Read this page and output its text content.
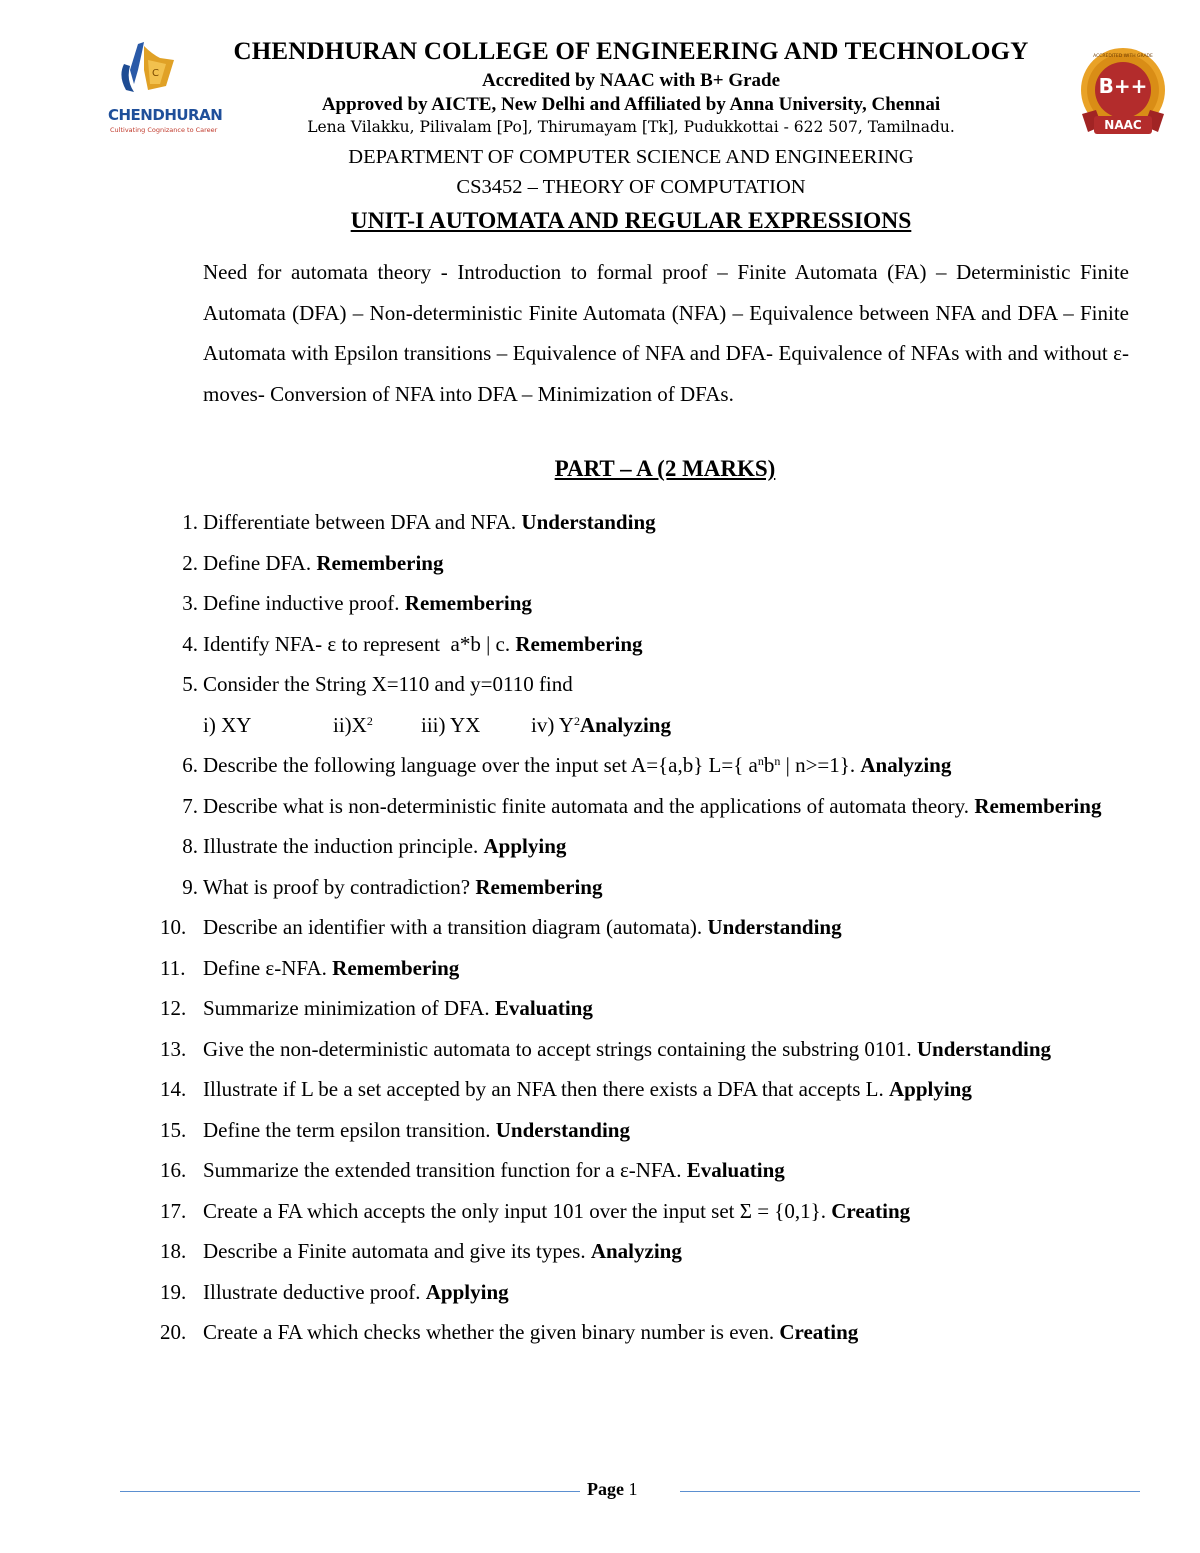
C
CHENDHURAN
Cultivating Cognizance to Career
B++
NAAC
ACCREDITED WITH GRADE
CHENDHURAN COLLEGE OF ENGINEERING AND TECHNOLOGY
Accredited by NAAC with B+ Grade
Approved by AICTE, New Delhi and Affiliated by Anna University, Chennai
Lena Vilakku, Pilivalam [Po], Thirumayam [Tk], Pudukkottai - 622 507, Tamilnadu.
DEPARTMENT OF COMPUTER SCIENCE AND ENGINEERING
CS3452 – THEORY OF COMPUTATION
UNIT-I AUTOMATA AND REGULAR EXPRESSIONS
Need for automata theory - Introduction to formal proof – Finite Automata (FA) – Deterministic Finite Automata (DFA) – Non-deterministic Finite Automata (NFA) – Equivalence between NFA and DFA – Finite Automata with Epsilon transitions – Equivalence of NFA and DFA- Equivalence of NFAs with and without ε-moves- Conversion of NFA into DFA – Minimization of DFAs.
PART – A (2 MARKS)
1. Differentiate between DFA and NFA. Understanding
2. Define DFA. Remembering
3. Define inductive proof. Remembering
4. Identify NFA- ε to represent  a*b | c. Remembering
5. Consider the String X=110 and y=0110 find
i) XY	$ii)X^2$ iii) YX iv) $Y^2Analyzing$
6. Describe the following language over the input set A={a,b} L={ $a^nb^n$ | n>=1}. Analyzing
7. Describe what is non-deterministic finite automata and the applications of automata theory. Remembering
8. Illustrate the induction principle. Applying
9. What is proof by contradiction? Remembering
10. Describe an identifier with a transition diagram (automata). Understanding
11. Define ε-NFA. Remembering
12. Summarize minimization of DFA. Evaluating
13. Give the non-deterministic automata to accept strings containing the substring 0101. Understanding
14. Illustrate if L be a set accepted by an NFA then there exists a DFA that accepts L. Applying
15. Define the term epsilon transition. Understanding
16. Summarize the extended transition function for a ε-NFA. Evaluating
17. Create a FA which accepts the only input 101 over the input set Σ = {0,1}. Creating
18. Describe a Finite automata and give its types. Analyzing
19. Illustrate deductive proof. Applying
20. Create a FA which checks whether the given binary number is even. Creating
Page 1
